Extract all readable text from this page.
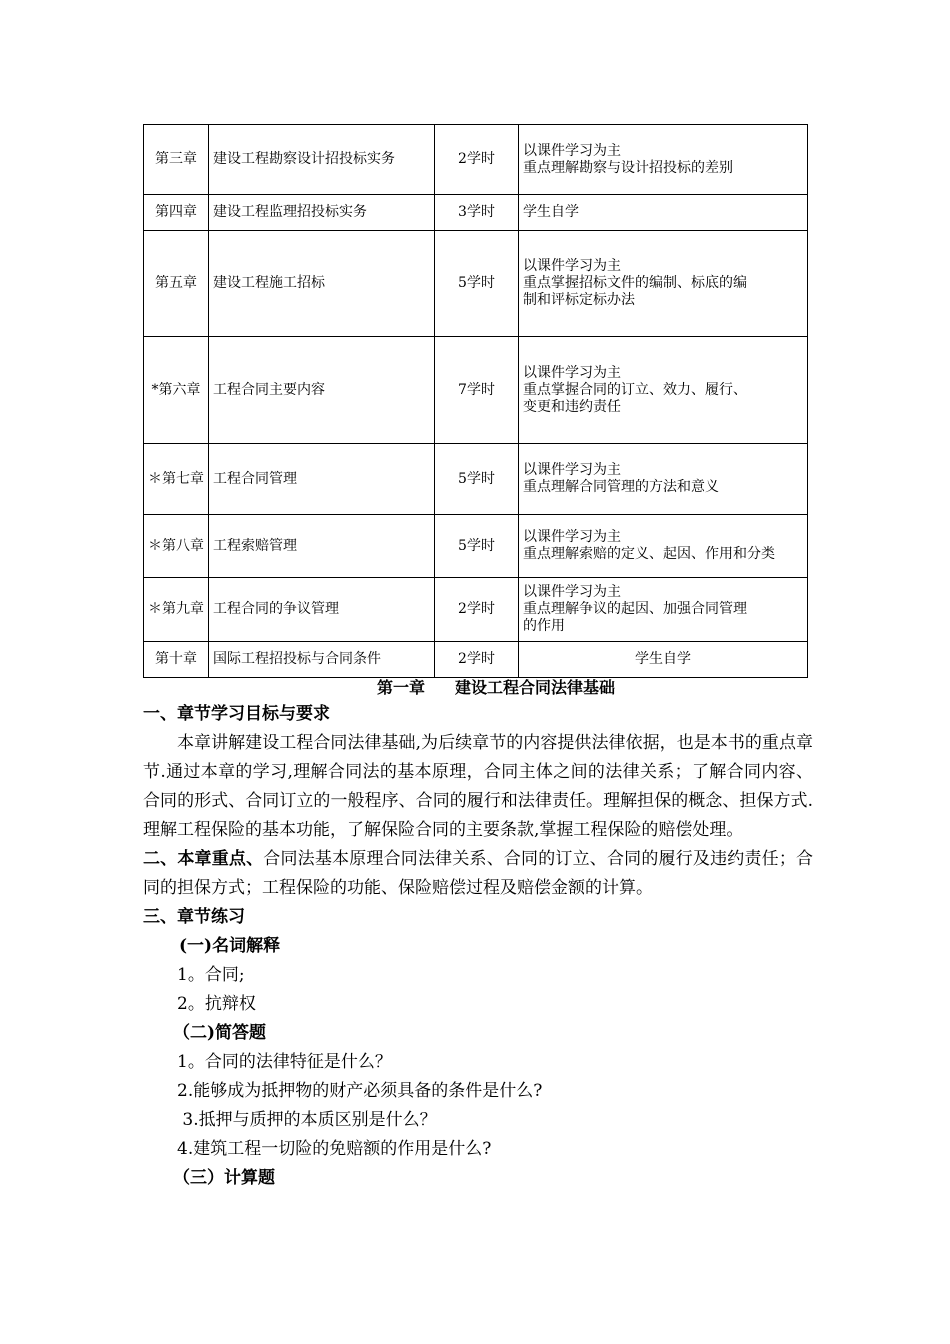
第三章	建设工程勘察设计招投标实务	2学时	以课件学习为主
重点理解勘察与设计招投标的差别

第四章	建设工程监理招投标实务	3学时	学生自学

第五章	建设工程施工招标	5学时	以课件学习为主
重点掌握招标文件的编制、标底的编
制和评标定标办法

*第六章	工程合同主要内容	7学时	以课件学习为主
重点掌握合同的订立、效力、履行、
变更和违约责任

＊第七章	工程合同管理	5学时	以课件学习为主
重点理解合同管理的方法和意义

＊第八章	工程索赔管理	5学时	以课件学习为主
重点理解索赔的定义、起因、作用和分类

＊第九章	工程合同的争议管理	2学时	以课件学习为主
重点理解争议的起因、加强合同管理
的作用

第十章	国际工程招投标与合同条件	2学时	学生自学
第一章 建设工程合同法律基础
一、章节学习目标与要求
本章讲解建设工程合同法律基础,为后续章节的内容提供法律依据，也是本书的重点章节.通过本章的学习,理解合同法的基本原理，合同主体之间的法律关系；了解合同内容、合同的形式、合同订立的一般程序、合同的履行和法律责任。理解担保的概念、担保方式.理解工程保险的基本功能，了解保险合同的主要条款,掌握工程保险的赔偿处理。
二、本章重点、合同法基本原理合同法律关系、合同的订立、合同的履行及违约责任；合同的担保方式；工程保险的功能、保险赔偿过程及赔偿金额的计算。
三、章节练习
(一)名词解释
1。合同;
2。抗辩权
（二)简答题
1。合同的法律特征是什么？
2.能够成为抵押物的财产必须具备的条件是什么?
3.抵押与质押的本质区别是什么？
4.建筑工程一切险的免赔额的作用是什么?
（三）计算题
